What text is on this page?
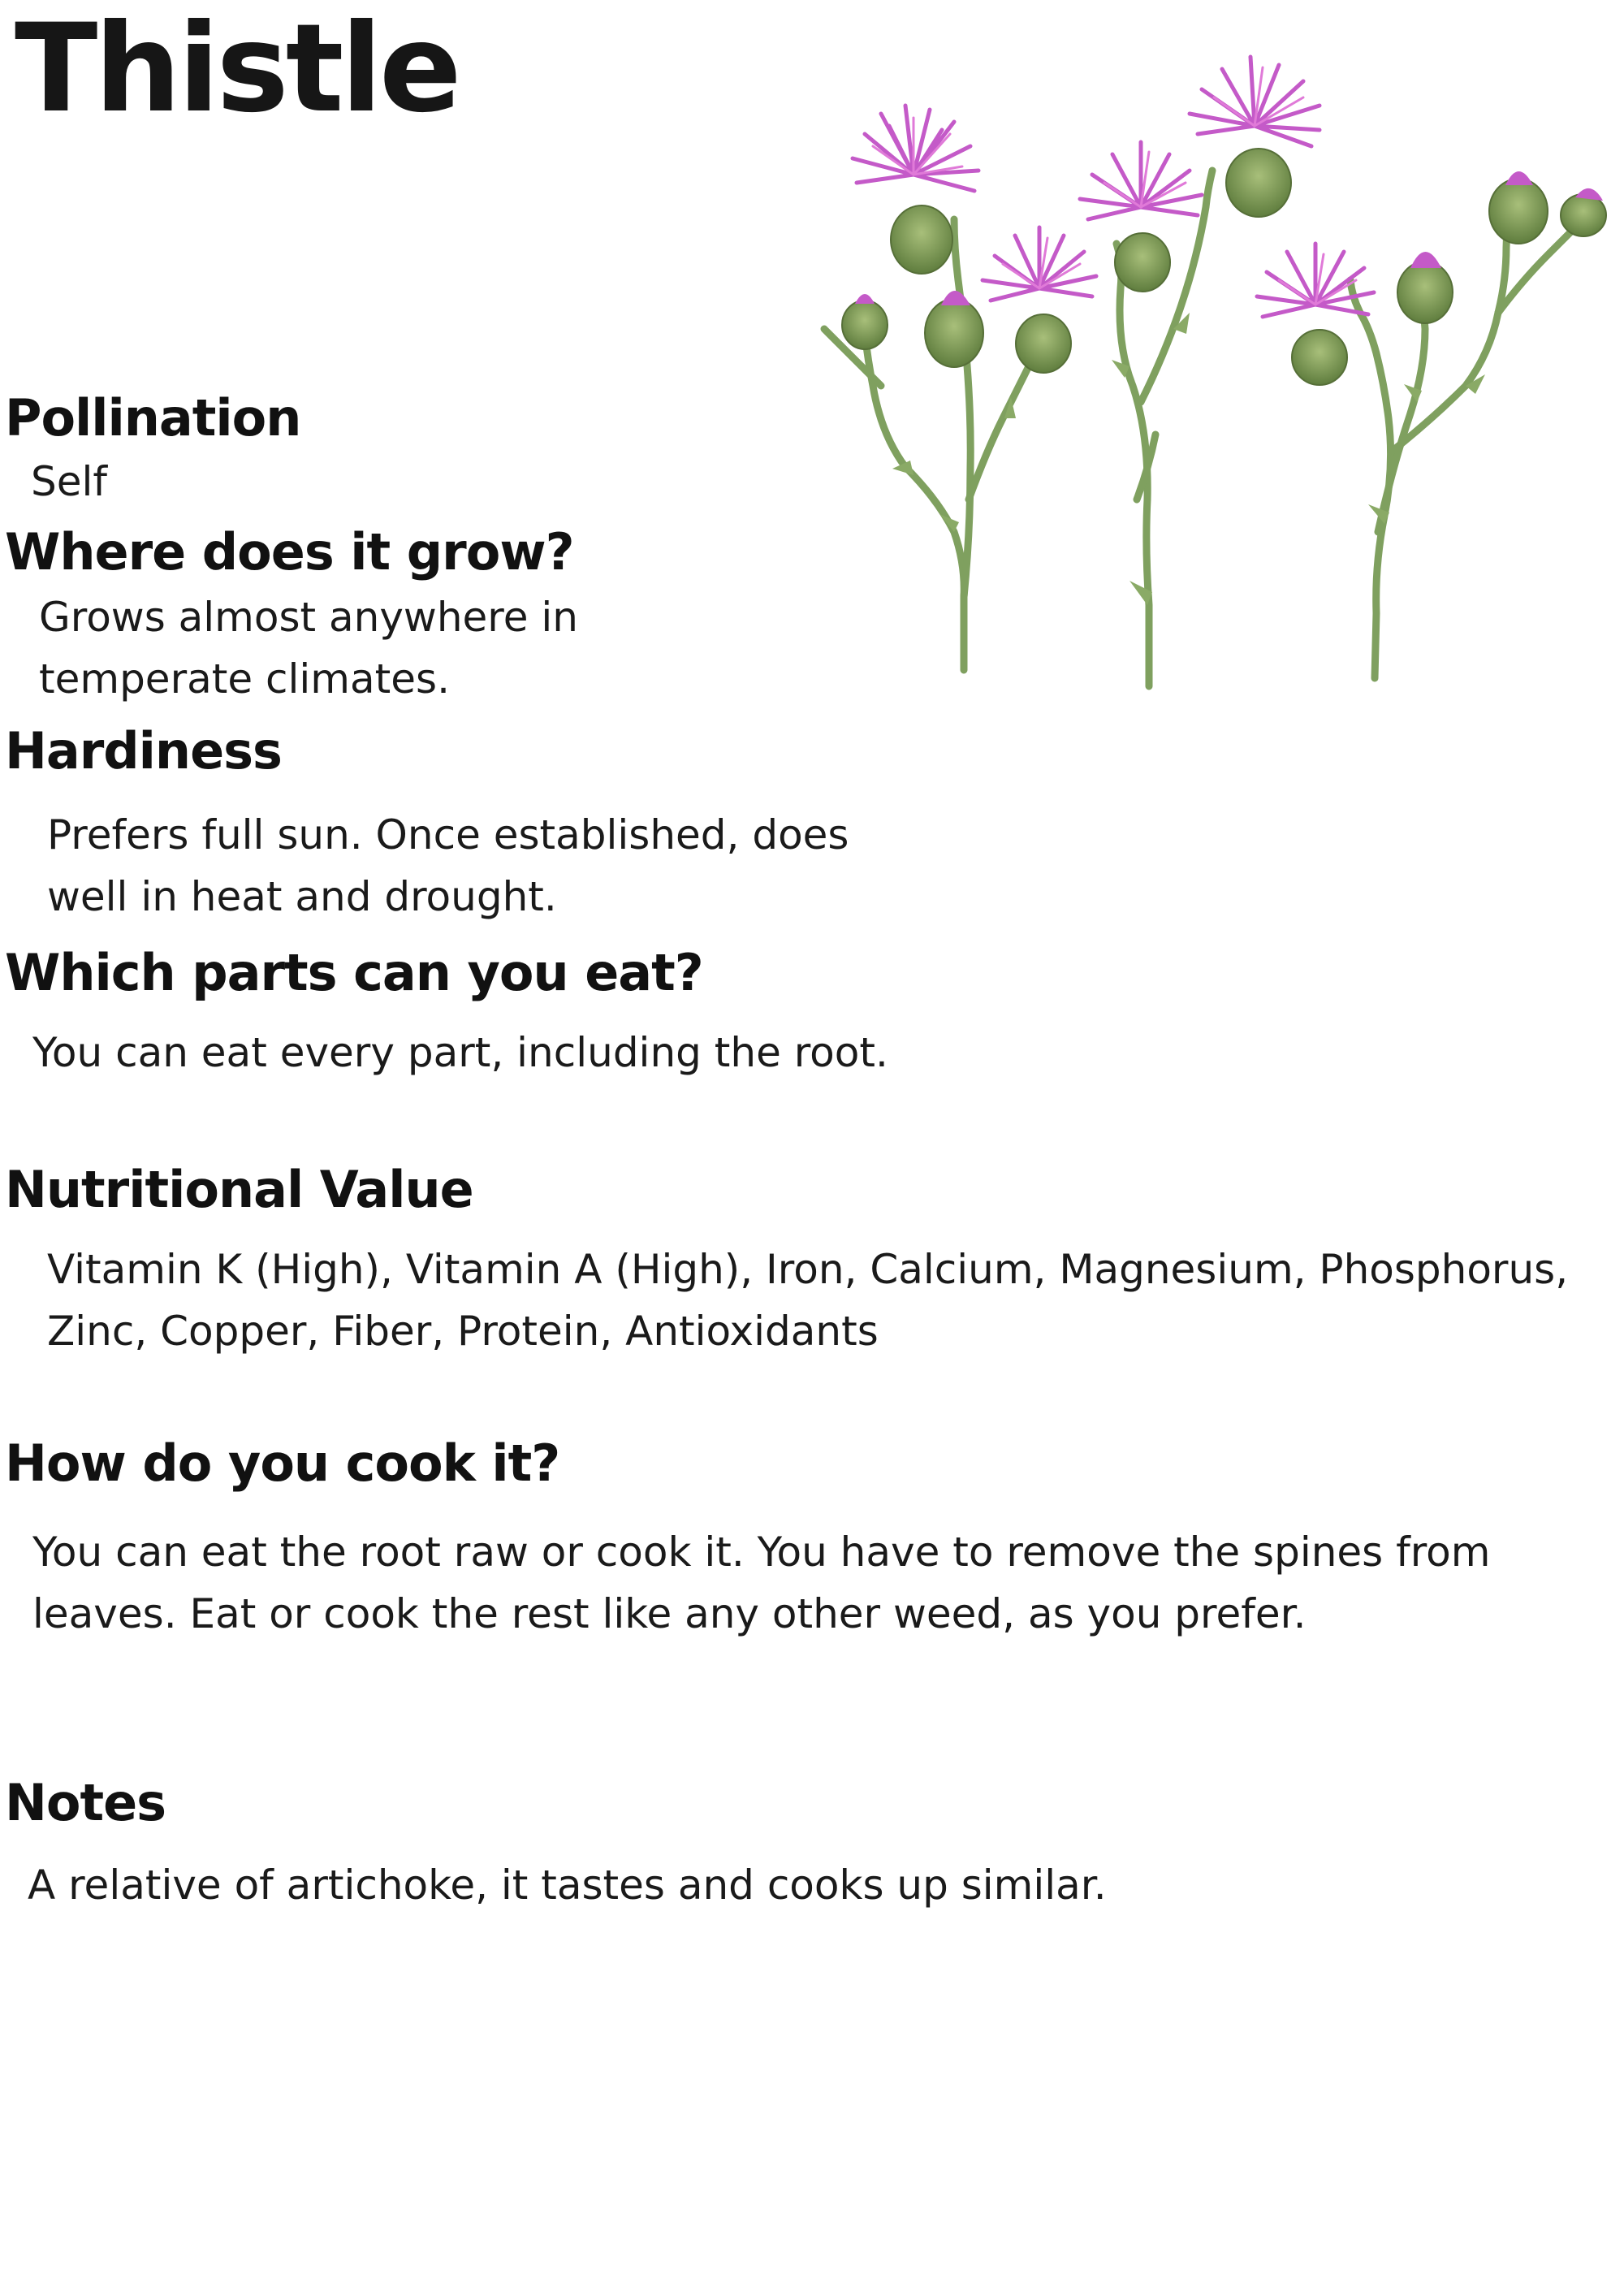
Thistle
Pollination

Self

Where does it grow?

Grows almost anywhere in temperate climates.

Hardiness

Prefers full sun. Once established, does well in heat and drought.

Which parts can you eat?

You can eat every part, including the root.

Nutritional Value

Vitamin K (High), Vitamin A (High), Iron, Calcium, Magnesium, Phosphorus, Zinc, Copper, Fiber, Protein, Antioxidants

How do you cook it?

You can eat the root raw or cook it. You have to remove the spines from leaves. Eat or cook the rest like any other weed, as you prefer.

Notes

A relative of artichoke, it tastes and cooks up similar.
